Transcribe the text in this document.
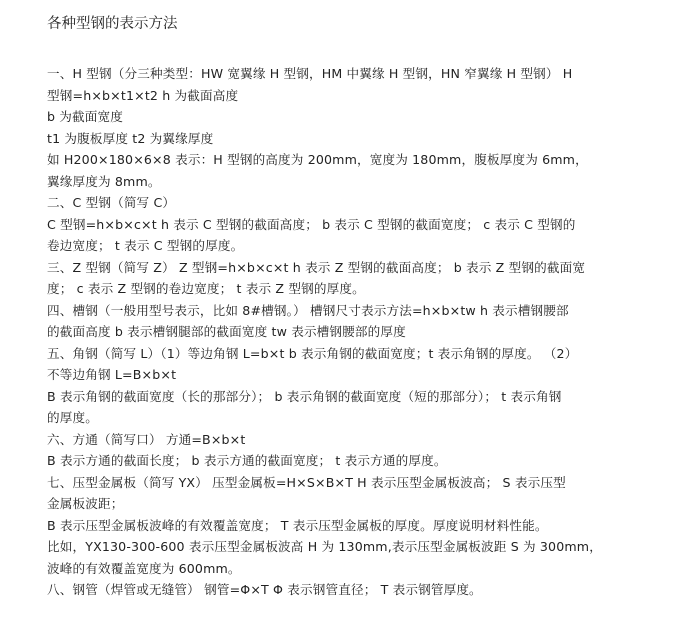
各种型钢的表示方法
一、H 型钢（分三种类型：HW 宽翼缘 H 型钢，HM 中翼缘 H 型钢，HN 窄翼缘 H 型钢） H
型钢=h×b×t1×t2 h 为截面高度
b 为截面宽度
t1 为腹板厚度 t2 为翼缘厚度
如 H200×180×6×8 表示：H 型钢的高度为 200mm，宽度为 180mm，腹板厚度为 6mm，
翼缘厚度为 8mm。
二、C 型钢（简写 C）
C 型钢=h×b×c×t h 表示 C 型钢的截面高度； b 表示 C 型钢的截面宽度； c 表示 C 型钢的
卷边宽度； t 表示 C 型钢的厚度。
三、Z 型钢（简写 Z） Z 型钢=h×b×c×t h 表示 Z 型钢的截面高度； b 表示 Z 型钢的截面宽
度； c 表示 Z 型钢的卷边宽度； t 表示 Z 型钢的厚度。
四、槽钢（一般用型号表示，比如 8#槽钢。） 槽钢尺寸表示方法=h×b×tw h 表示槽钢腰部
的截面高度 b 表示槽钢腿部的截面宽度 tw 表示槽钢腰部的厚度
五、角钢（简写 L）（1）等边角钢 L=b×t b 表示角钢的截面宽度；t 表示角钢的厚度。 （2）
不等边角钢 L=B×b×t
B 表示角钢的截面宽度（长的那部分）； b 表示角钢的截面宽度（短的那部分）； t 表示角钢
的厚度。
六、方通（简写口） 方通=B×b×t
B 表示方通的截面长度； b 表示方通的截面宽度； t 表示方通的厚度。
七、压型金属板（简写 YX） 压型金属板=H×S×B×T H 表示压型金属板波高； S 表示压型
金属板波距；
B 表示压型金属板波峰的有效覆盖宽度； T 表示压型金属板的厚度。厚度说明材料性能。
比如，YX130-300-600 表示压型金属板波高 H 为 130mm,表示压型金属板波距 S 为 300mm，
波峰的有效覆盖宽度为 600mm。
八、钢管（焊管或无缝管） 钢管=Φ×T Φ 表示钢管直径； T 表示钢管厚度。
